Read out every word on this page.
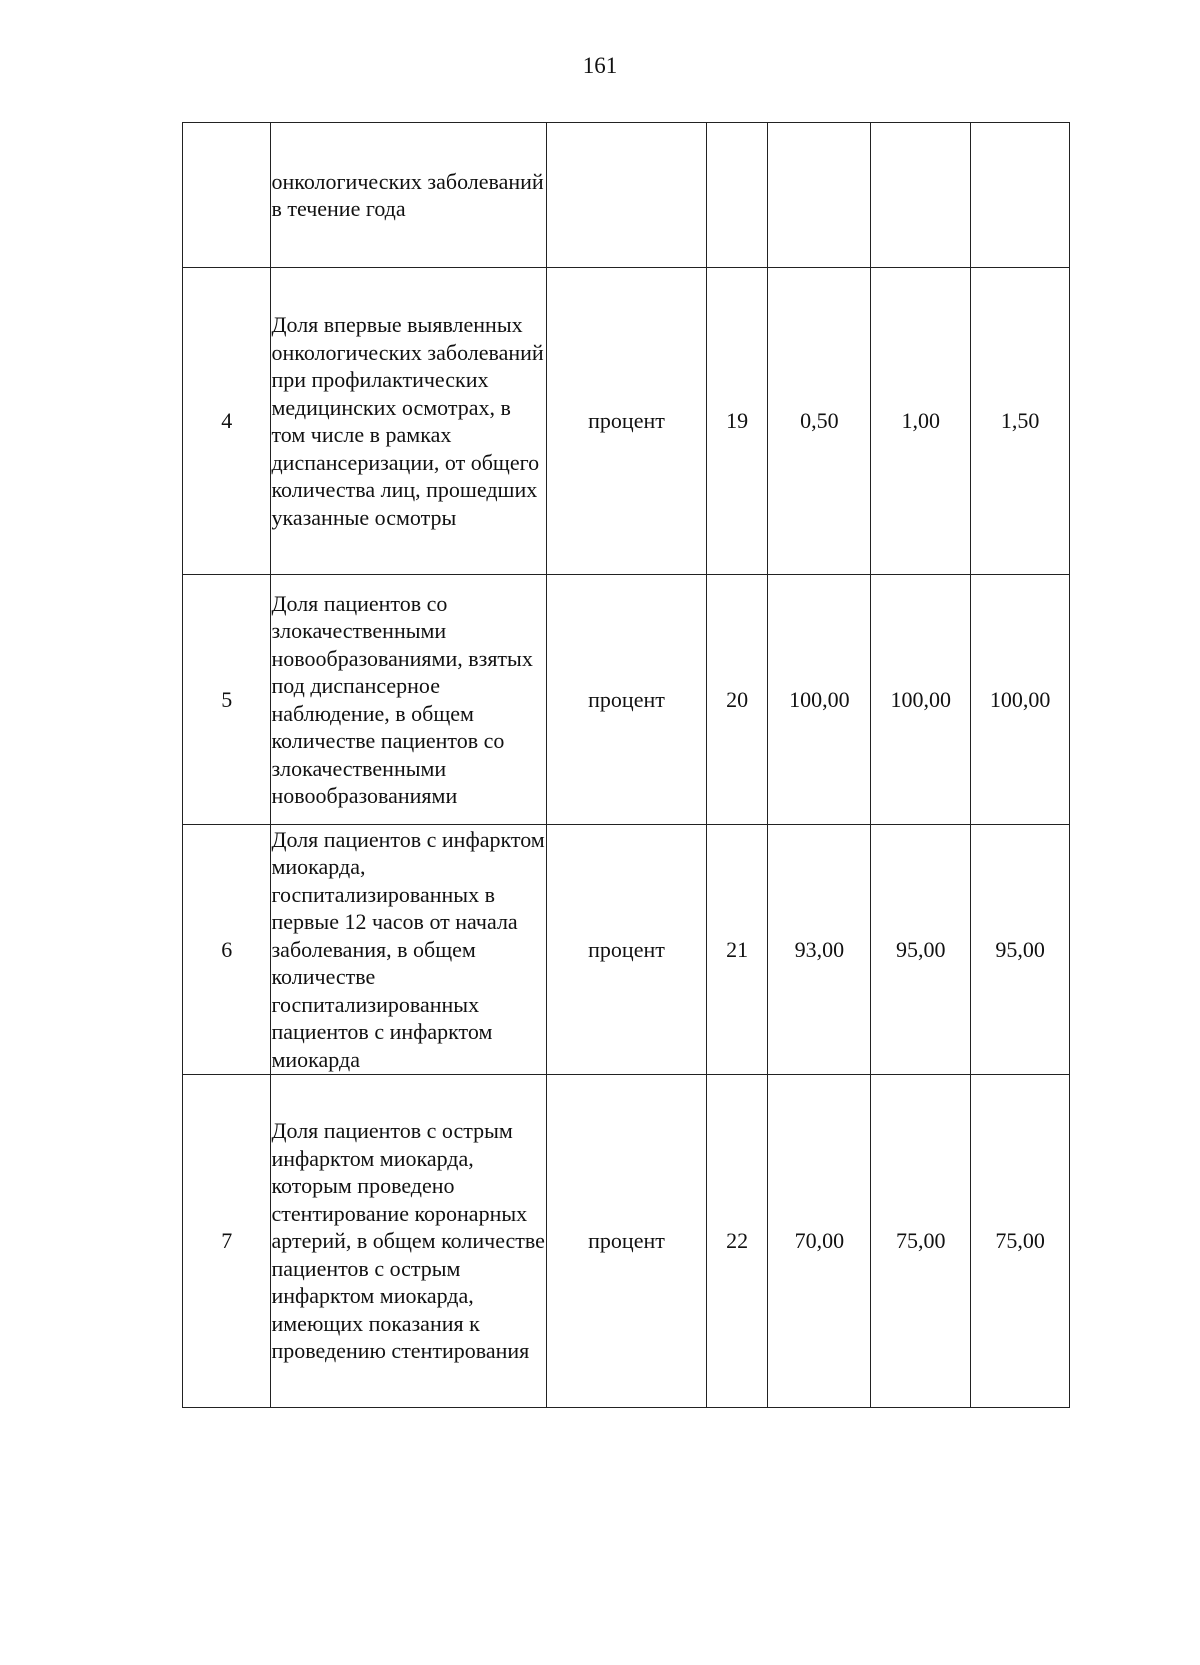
161
	онкологических заболеваний в течение года					
4	Доля впервые выявленных онкологических заболеваний при профилактических медицинских осмотрах, в том числе в рамках диспансеризации, от общего количества лиц, прошедших указанные осмотры	процент	19	0,50	1,00	1,50
5	Доля пациентов со злокачественными новообразованиями, взятых под диспансерное наблюдение, в общем количестве пациентов со злокачественными новообразованиями	процент	20	100,00	100,00	100,00
6	Доля пациентов с инфарктом миокарда, госпитализированных в первые 12 часов от начала заболевания, в общем количестве госпитализированных пациентов с инфарктом миокарда	процент	21	93,00	95,00	95,00
7	Доля пациентов с острым инфарктом миокарда, которым проведено стентирование коронарных артерий, в общем количестве пациентов с острым инфарктом миокарда, имеющих показания к проведению стентирования	процент	22	70,00	75,00	75,00
